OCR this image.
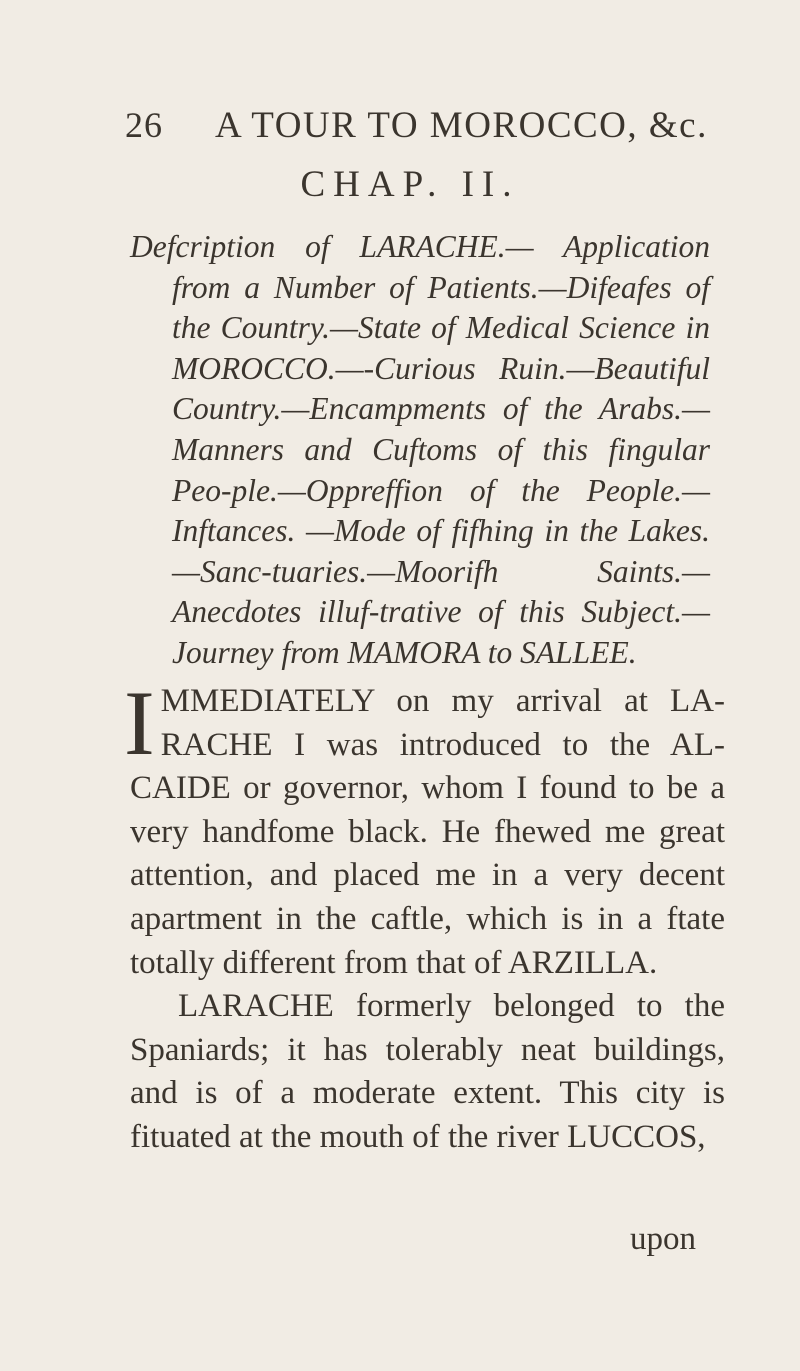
26 A TOUR TO MOROCCO, &c.
CHAP. II.
Defcription of LARACHE.— Application from a Number of Patients.—Difeafes of the Country.—State of Medical Science in MOROCCO.—-Curious Ruin.—Beautiful Country.—Encampments of the Arabs.— Manners and Cuftoms of this fingular Peo-ple.—Oppreffion of the People.—Inftances. —Mode of fifhing in the Lakes.—Sanc-tuaries.—Moorifh Saints.—Anecdotes illuf-trative of this Subject.—Journey from MAMORA to SALLEE.

I MMEDIATELY on my arrival at LA-RACHE I was introduced to the AL-CAIDE or governor, whom I found to be a very handfome black. He fhewed me great attention, and placed me in a very decent apartment in the caftle, which is in a ftate totally different from that of ARZILLA.

LARACHE formerly belonged to the Spaniards; it has tolerably neat buildings, and is of a moderate extent. This city is fituated at the mouth of the river LUCCOS,

upon
